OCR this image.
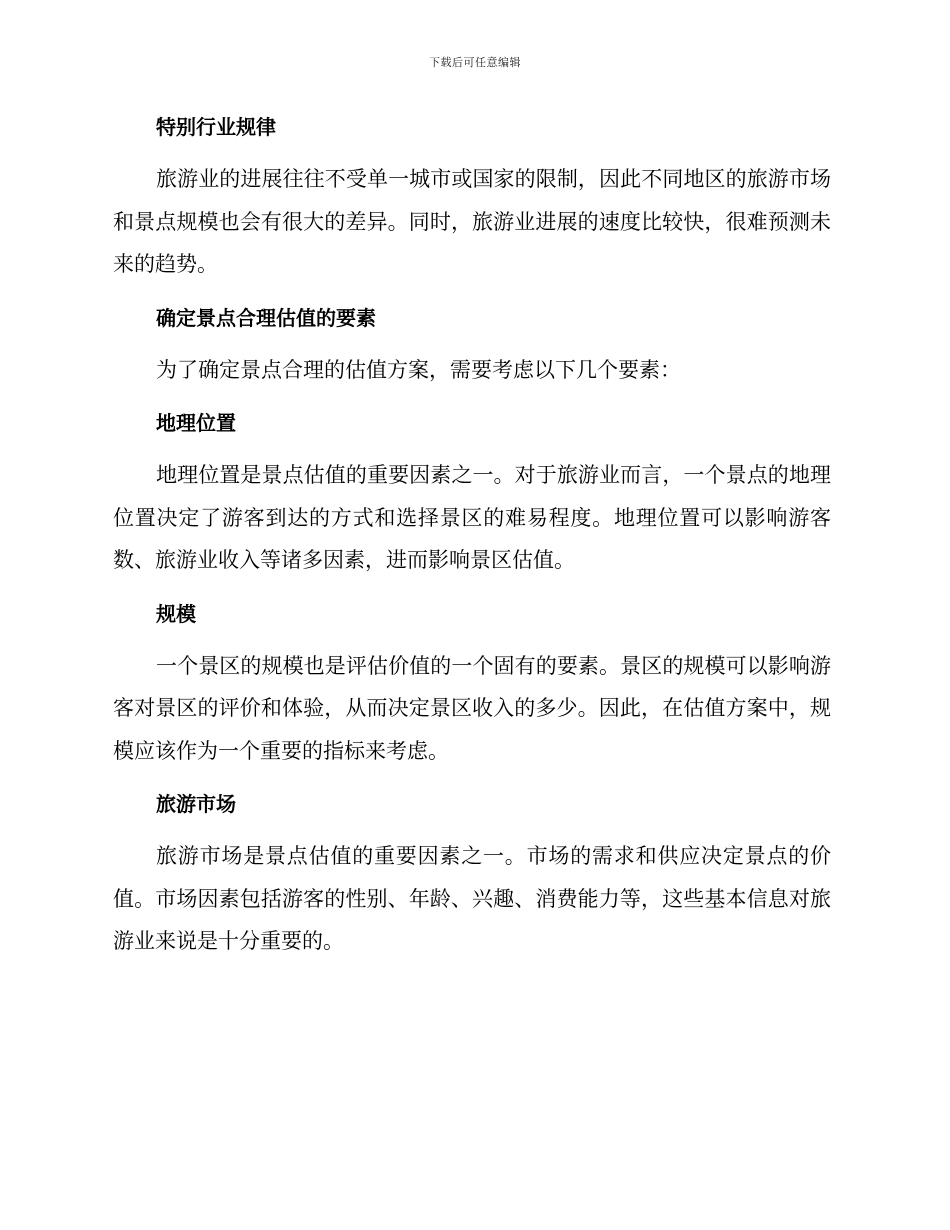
下载后可任意编辑
特别行业规律

旅游业的进展往往不受单一城市或国家的限制，因此不同地区的旅游市场和景点规模也会有很大的差异。同时，旅游业进展的速度比较快，很难预测未来的趋势。

确定景点合理估值的要素

为了确定景点合理的估值方案，需要考虑以下几个要素：

地理位置

地理位置是景点估值的重要因素之一。对于旅游业而言，一个景点的地理位置决定了游客到达的方式和选择景区的难易程度。地理位置可以影响游客数、旅游业收入等诸多因素，进而影响景区估值。

规模

一个景区的规模也是评估价值的一个固有的要素。景区的规模可以影响游客对景区的评价和体验，从而决定景区收入的多少。因此，在估值方案中，规模应该作为一个重要的指标来考虑。

旅游市场

旅游市场是景点估值的重要因素之一。市场的需求和供应决定景点的价值。市场因素包括游客的性别、年龄、兴趣、消费能力等，这些基本信息对旅游业来说是十分重要的。
